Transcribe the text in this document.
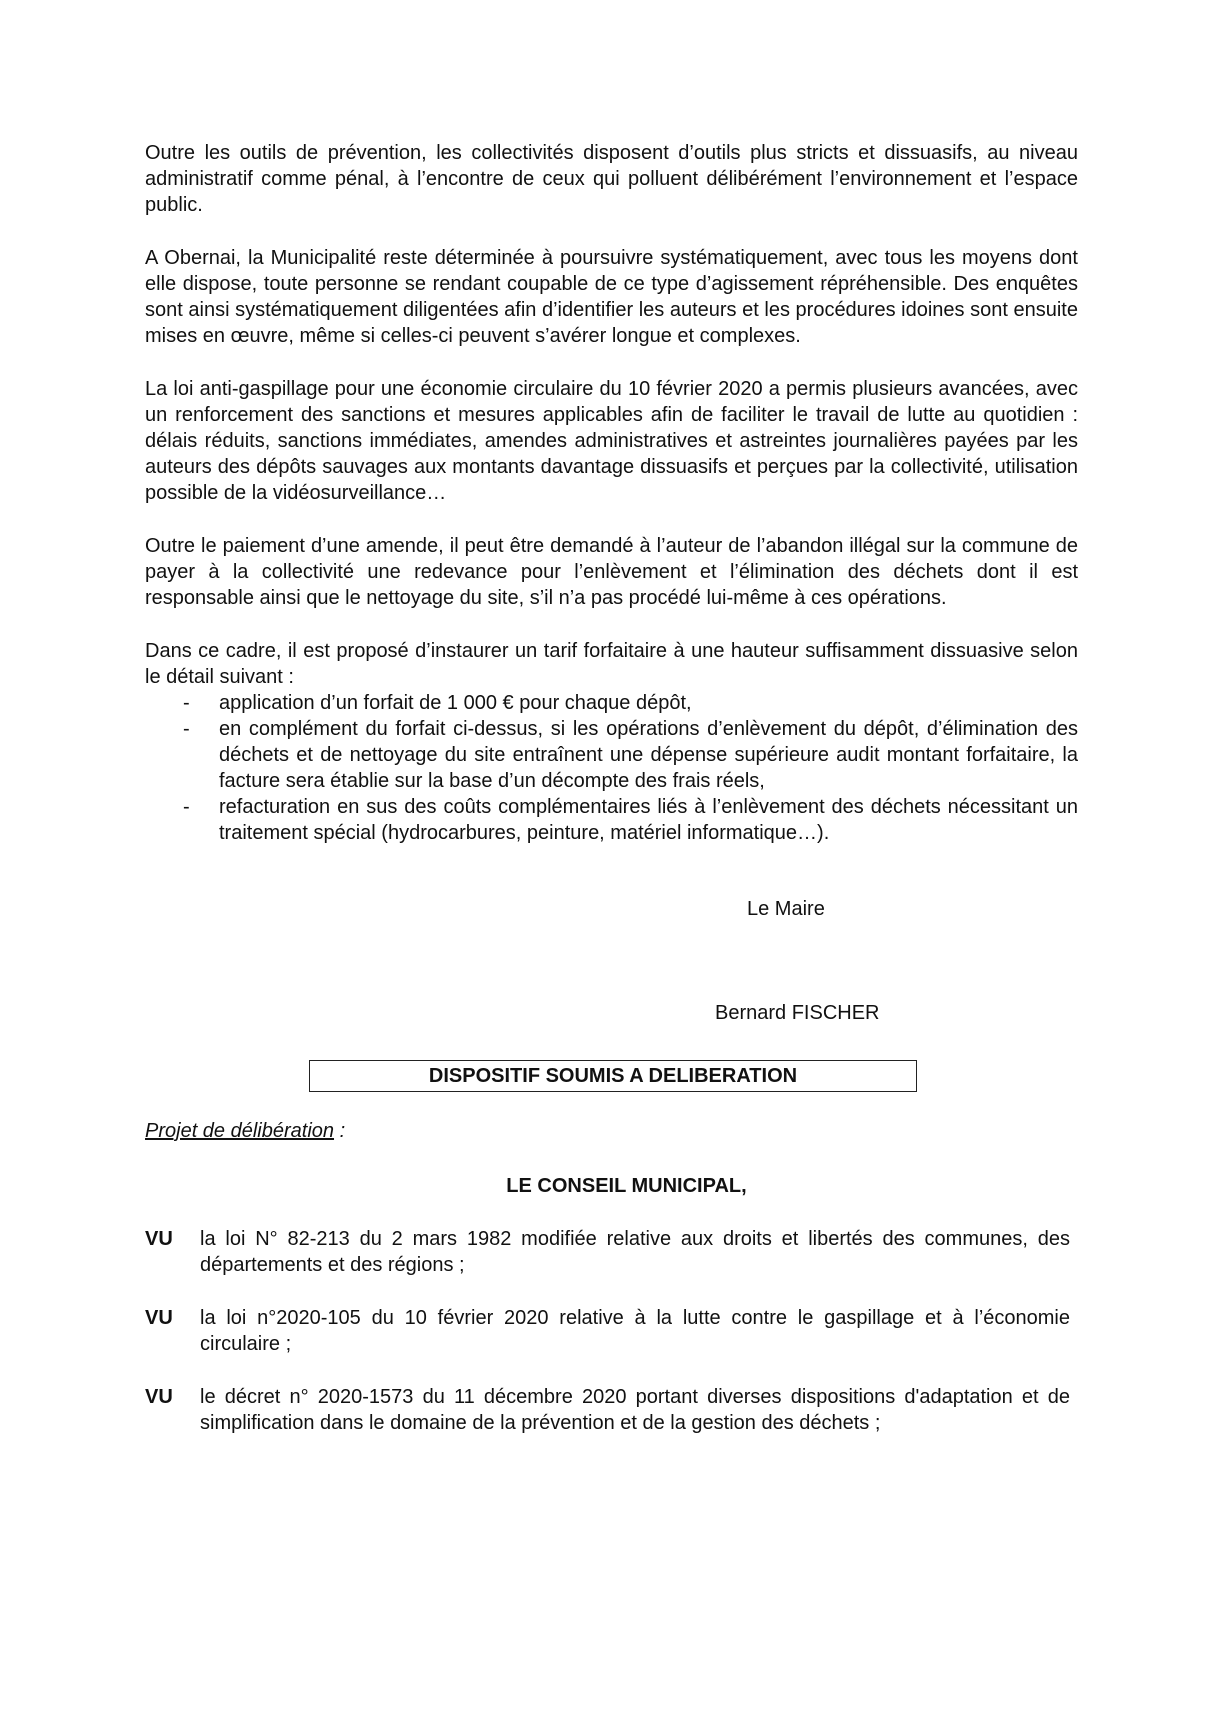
Outre les outils de prévention, les collectivités disposent d’outils plus stricts et dissuasifs, au niveau administratif comme pénal, à l’encontre de ceux qui polluent délibérément l’environnement et l’espace public.

A Obernai, la Municipalité reste déterminée à poursuivre systématiquement, avec tous les moyens dont elle dispose, toute personne se rendant coupable de ce type d’agissement répréhensible. Des enquêtes sont ainsi systématiquement diligentées afin d’identifier les auteurs et les procédures idoines sont ensuite mises en œuvre, même si celles-ci peuvent s’avérer longue et complexes.

La loi anti-gaspillage pour une économie circulaire du 10 février 2020 a permis plusieurs avancées, avec un renforcement des sanctions et mesures applicables afin de faciliter le travail de lutte au quotidien : délais réduits, sanctions immédiates, amendes administratives et astreintes journalières payées par les auteurs des dépôts sauvages aux montants davantage dissuasifs et perçues par la collectivité, utilisation possible de la vidéosurveillance…

Outre le paiement d’une amende, il peut être demandé à l’auteur de l’abandon illégal sur la commune de payer à la collectivité une redevance pour l’enlèvement et l’élimination des déchets dont il est responsable ainsi que le nettoyage du site, s’il n’a pas procédé lui-même à ces opérations.

Dans ce cadre, il est proposé d’instaurer un tarif forfaitaire à une hauteur suffisamment dissuasive selon le détail suivant :

- application d’un forfait de 1 000 € pour chaque dépôt,
- en complément du forfait ci-dessus, si les opérations d’enlèvement du dépôt, d’élimination des déchets et de nettoyage du site entraînent une dépense supérieure audit montant forfaitaire, la facture sera établie sur la base d’un décompte des frais réels,
- refacturation en sus des coûts complémentaires liés à l’enlèvement des déchets nécessitant un traitement spécial (hydrocarbures, peinture, matériel informatique…).
Le Maire
Bernard FISCHER
DISPOSITIF SOUMIS A DELIBERATION
Projet de délibération :
LE CONSEIL MUNICIPAL,
VU	la loi N° 82-213 du 2 mars 1982 modifiée relative aux droits et libertés des communes, des départements et des régions ;
VU	la loi n°2020-105 du 10 février 2020 relative à la lutte contre le gaspillage et à l’économie circulaire ;
VU	le décret n° 2020-1573 du 11 décembre 2020 portant diverses dispositions d'adaptation et de simplification dans le domaine de la prévention et de la gestion des déchets ;
